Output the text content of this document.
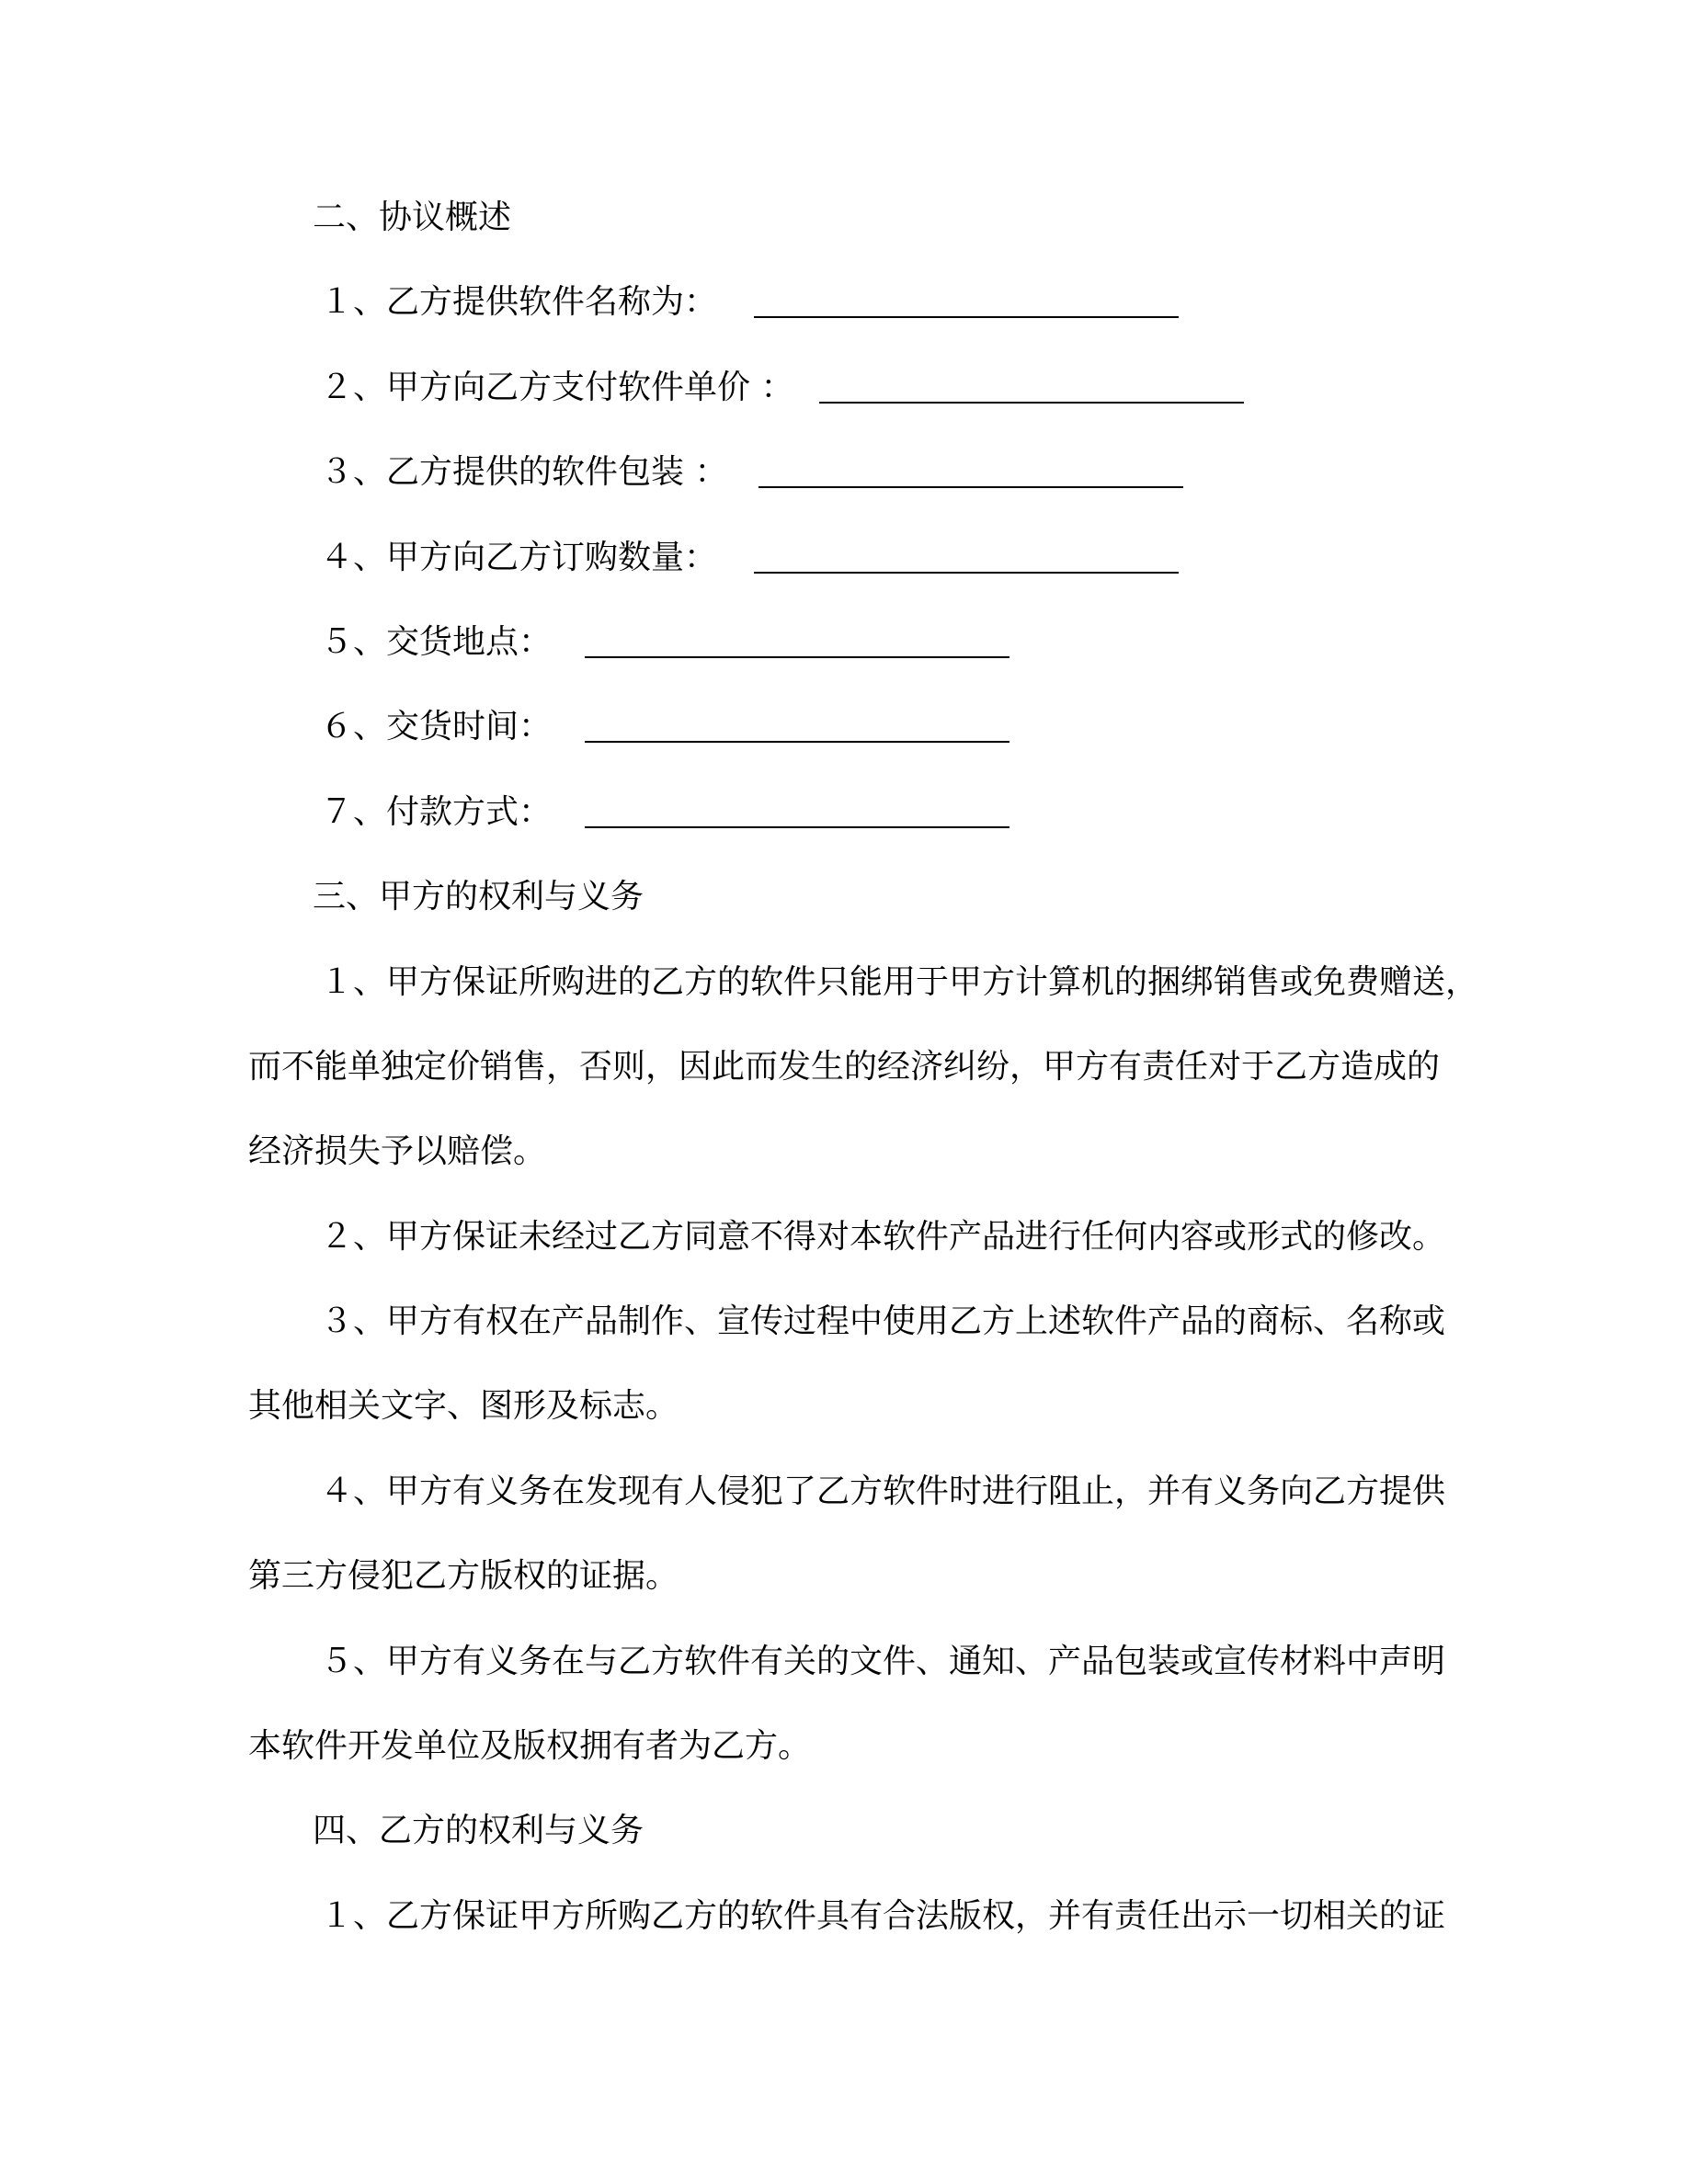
二、协议概述
１、乙方提供软件名称为：
２、甲方向乙方支付软件单价 ：
３、乙方提供的软件包装 ：
４、甲方向乙方订购数量：
５、交货地点：
６、交货时间：
７、付款方式：
三、甲方的权利与义务
１、甲方保证所购进的乙方的软件只能用于甲方计算机的捆绑销售或免费赠送，
而不能单独定价销售，否则，因此而发生的经济纠纷，甲方有责任对于乙方造成的
经济损失予以赔偿。
２、甲方保证未经过乙方同意不得对本软件产品进行任何内容或形式的修改。
３、甲方有权在产品制作、宣传过程中使用乙方上述软件产品的商标、名称或
其他相关文字、图形及标志。
４、甲方有义务在发现有人侵犯了乙方软件时进行阻止，并有义务向乙方提供
第三方侵犯乙方版权的证据。
５、甲方有义务在与乙方软件有关的文件、通知、产品包装或宣传材料中声明
本软件开发单位及版权拥有者为乙方。
四、乙方的权利与义务
１、乙方保证甲方所购乙方的软件具有合法版权，并有责任出示一切相关的证
